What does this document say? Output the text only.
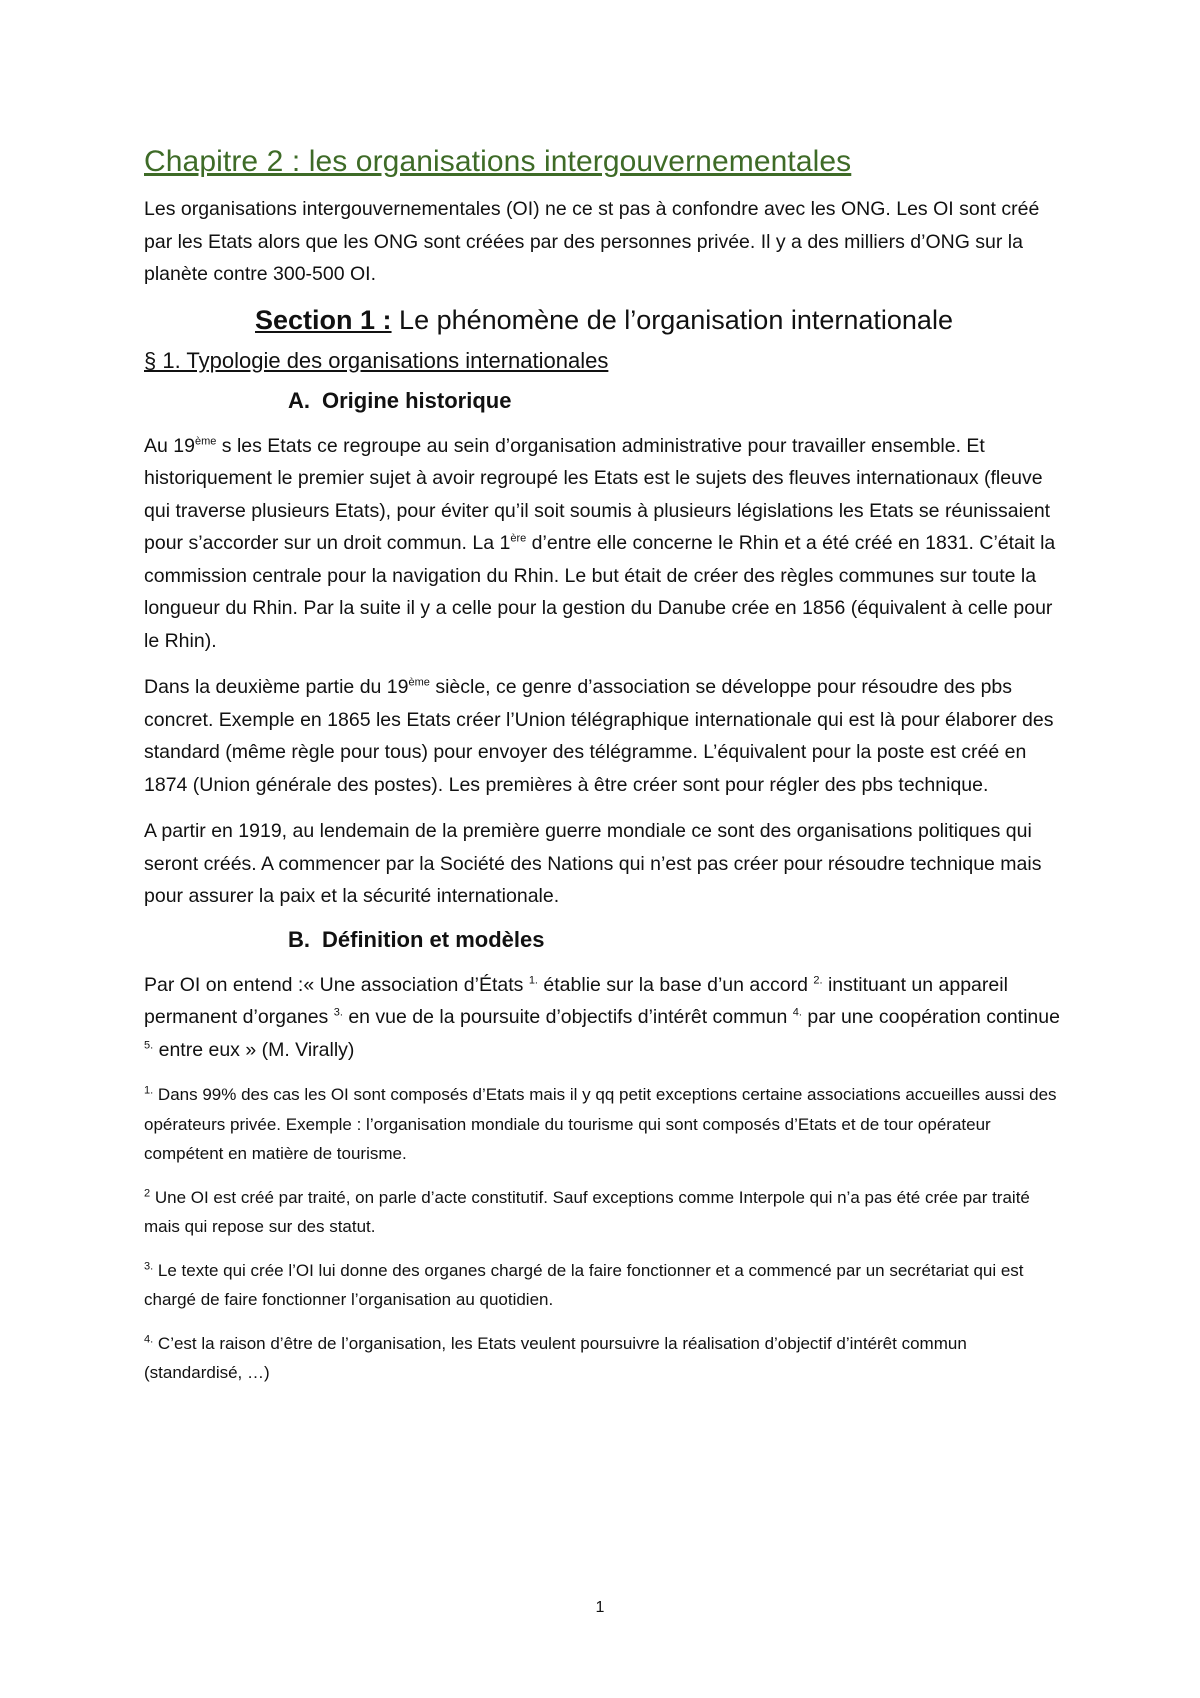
Chapitre 2 : les organisations intergouvernementales

Les organisations intergouvernementales (OI) ne ce st pas à confondre avec les ONG. Les OI sont créé par les Etats alors que les ONG sont créées par des personnes privée. Il y a des milliers d’ONG sur la planète contre 300-500 OI.

Section 1 : Le phénomène de l’organisation internationale
§ 1. Typologie des organisations internationales
A. Origine historique

Au 19ème s les Etats ce regroupe au sein d’organisation administrative pour travailler ensemble. Et historiquement le premier sujet à avoir regroupé les Etats est le sujets des fleuves internationaux (fleuve qui traverse plusieurs Etats), pour éviter qu’il soit soumis à plusieurs législations les Etats se réunissaient pour s’accorder sur un droit commun. La 1ère d’entre elle concerne le Rhin et a été créé en 1831. C’était la commission centrale pour la navigation du Rhin. Le but était de créer des règles communes sur toute la longueur du Rhin. Par la suite il y a celle pour la gestion du Danube crée en 1856 (équivalent à celle pour le Rhin).

Dans la deuxième partie du 19ème siècle, ce genre d’association se développe pour résoudre des pbs concret. Exemple en 1865 les Etats créer l’Union télégraphique internationale qui est là pour élaborer des standard (même règle pour tous) pour envoyer des télégramme. L’équivalent pour la poste est créé en 1874 (Union générale des postes). Les premières à être créer sont pour régler des pbs technique.

A partir en 1919, au lendemain de la première guerre mondiale ce sont des organisations politiques qui seront créés. A commencer par la Société des Nations qui n’est pas créer pour résoudre technique mais pour assurer la paix et la sécurité internationale.

B. Définition et modèles

Par OI on entend :« Une association d’États $^{1.}$ établie sur la base d’un accord $^{2.}$ instituant un appareil permanent d’organes $^{3.}$ en vue de la poursuite d’objectifs d’intérêt commun $^{4.}$ par une coopération continue $^{5.}$ entre eux » (M. Virally)

$^{1.}$ Dans 99% des cas les OI sont composés d’Etats mais il y qq petit exceptions certaine associations accueilles aussi des opérateurs privée. Exemple : l’organisation mondiale du tourisme qui sont composés d’Etats et de tour opérateur compétent en matière de tourisme.

$^2$ Une OI est créé par traité, on parle d’acte constitutif. Sauf exceptions comme Interpole qui n’a pas été crée par traité mais qui repose sur des statut.

$^{3.}$ Le texte qui crée l’OI lui donne des organes chargé de la faire fonctionner et a commencé par un secrétariat qui est chargé de faire fonctionner l’organisation au quotidien.

$^{4.}$ C’est la raison d’être de l’organisation, les Etats veulent poursuivre la réalisation d’objectif d’intérêt commun (standardisé, …)

1
